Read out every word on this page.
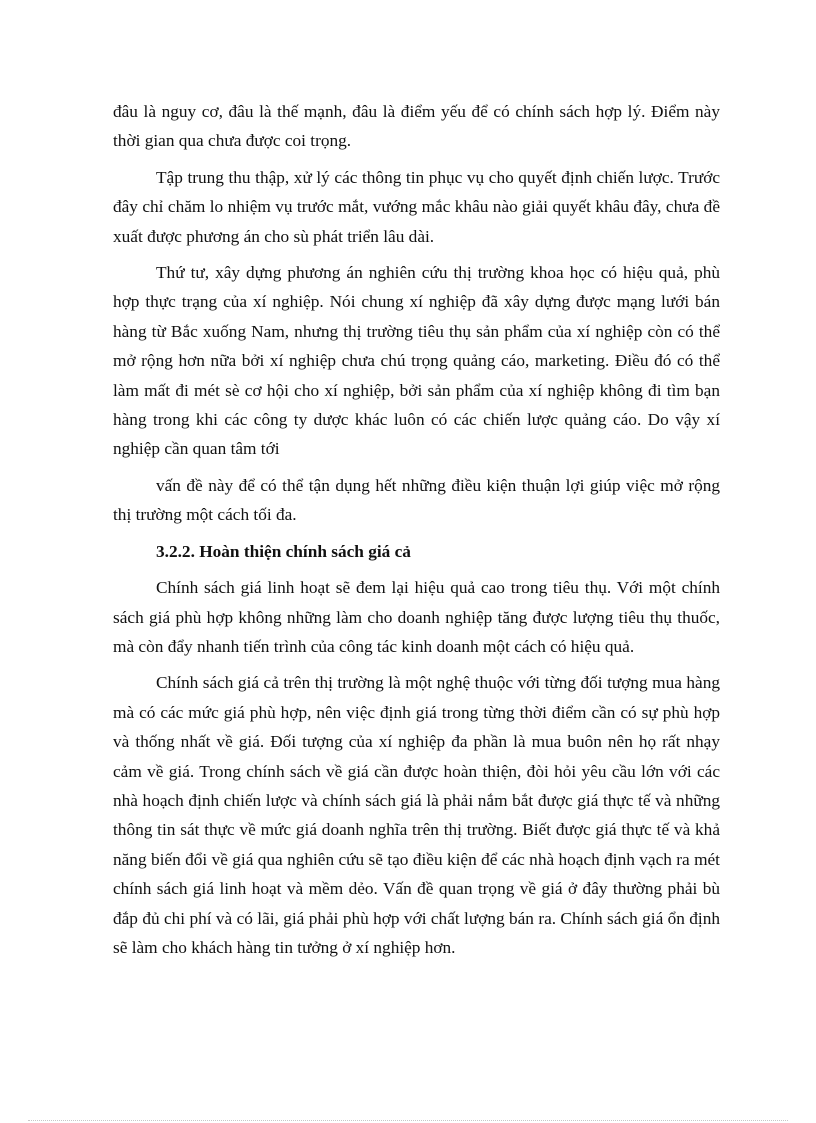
đâu là nguy cơ, đâu là thế mạnh, đâu là điểm yếu để có chính sách hợp lý. Điểm này thời gian qua chưa được coi trọng.

Tập trung thu thập, xử lý các thông tin phục vụ cho quyết định chiến lược. Trước đây chỉ chăm lo nhiệm vụ trước mắt, vướng mắc khâu nào giải quyết khâu đây, chưa đề xuất được phương án cho sù phát triển lâu dài.

Thứ tư, xây dựng phương án nghiên cứu thị trường khoa học có hiệu quả, phù hợp thực trạng của xí nghiệp. Nói chung xí nghiệp đã xây dựng được mạng lưới bán hàng từ Bắc xuống Nam, nhưng thị trường tiêu thụ sản phẩm của xí nghiệp còn có thể mở rộng hơn nữa bởi xí nghiệp chưa chú trọng quảng cáo, marketing. Điều đó có thể làm mất đi mét sè cơ hội cho xí nghiệp, bởi sản phẩm của xí nghiệp không đi tìm bạn hàng trong khi các công ty dược khác luôn có các chiến lược quảng cáo. Do vậy xí nghiệp cần quan tâm tới

vấn đề này để có thể tận dụng hết những điều kiện thuận lợi giúp việc mở rộng thị trường một cách tối đa.

3.2.2. Hoàn thiện chính sách giá cả

Chính sách giá linh hoạt sẽ đem lại hiệu quả cao trong tiêu thụ. Với một chính sách giá phù hợp không những làm cho doanh nghiệp tăng được lượng tiêu thụ thuốc, mà còn đẩy nhanh tiến trình của công tác kinh doanh một cách có hiệu quả.

Chính sách giá cả trên thị trường là một nghệ thuộc với từng đối tượng mua hàng mà có các mức giá phù hợp, nên việc định giá trong từng thời điểm cần có sự phù hợp và thống nhất về giá. Đối tượng của xí nghiệp đa phần là mua buôn nên họ rất nhạy cảm về giá. Trong chính sách về giá cần được hoàn thiện, đòi hỏi yêu cầu lớn với các nhà hoạch định chiến lược và chính sách giá là phải nắm bắt được giá thực tế và những thông tin sát thực về mức giá doanh nghĩa trên thị trường. Biết được giá thực tế và khả năng biến đổi về giá qua nghiên cứu sẽ tạo điều kiện để các nhà hoạch định vạch ra mét chính sách giá linh hoạt và mềm dẻo. Vấn đề quan trọng về giá ở đây thường phải bù đắp đủ chi phí và có lãi, giá phải phù hợp với chất lượng bán ra. Chính sách giá ổn định sẽ làm cho khách hàng tin tưởng ở xí nghiệp hơn.
